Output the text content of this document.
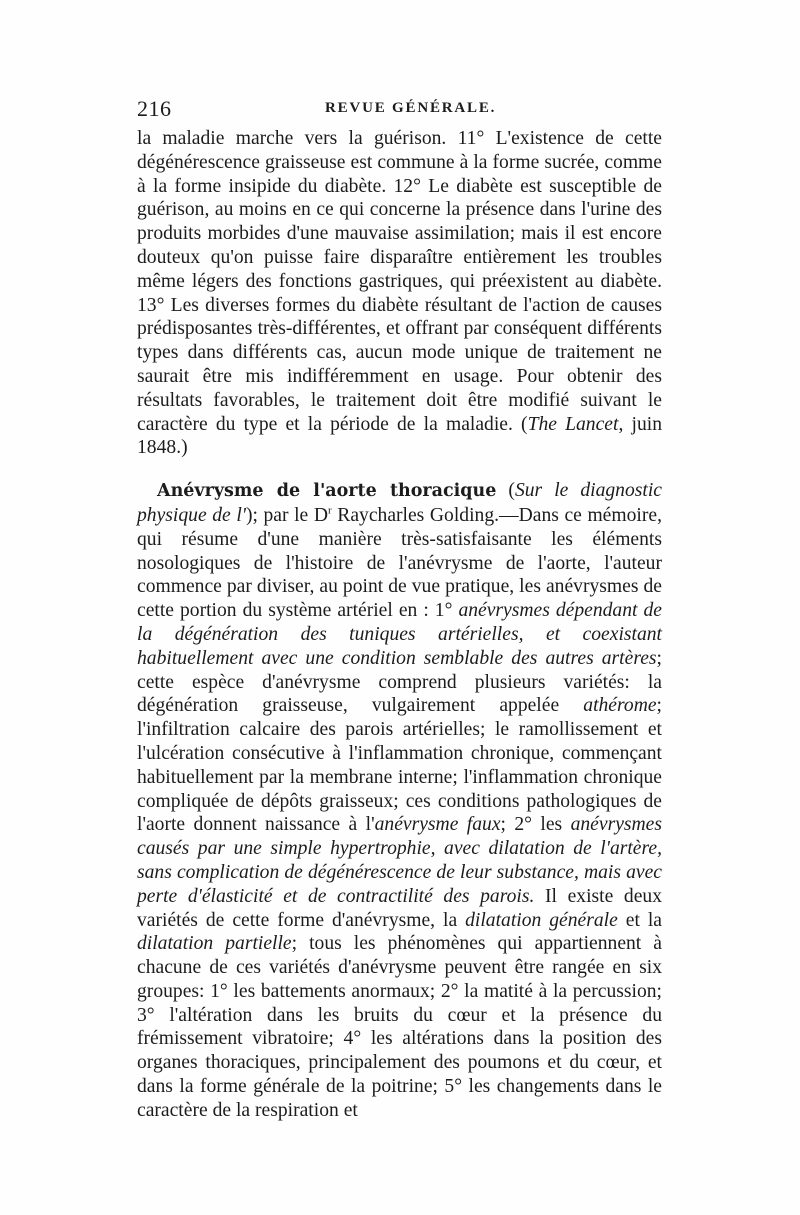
216	REVUE GÉNÉRALE.

la maladie marche vers la guérison. 11° L'existence de cette dégénérescence graisseuse est commune à la forme sucrée, comme à la forme insipide du diabète. 12° Le diabète est susceptible de guérison, au moins en ce qui concerne la présence dans l'urine des produits morbides d'une mauvaise assimilation; mais il est encore douteux qu'on puisse faire disparaître entièrement les troubles même légers des fonctions gastriques, qui préexistent au diabète. 13° Les diverses formes du diabète résultant de l'action de causes prédisposantes très-différentes, et offrant par conséquent différents types dans différents cas, aucun mode unique de traitement ne saurait être mis indifféremment en usage. Pour obtenir des résultats favorables, le traitement doit être modifié suivant le caractère du type et la période de la maladie. (The Lancet, juin 1848.)

Anévrysme de l'aorte thoracique (Sur le diagnostic physique de l'); par le $D^r$ Raycharles Golding.—Dans ce mémoire, qui résume d'une manière très-satisfaisante les éléments nosologiques de l'histoire de l'anévrysme de l'aorte, l'auteur commence par diviser, au point de vue pratique, les anévrysmes de cette portion du système artériel en : 1° anévrysmes dépendant de la dégénération des tuniques artérielles, et coexistant habituellement avec une condition semblable des autres artères; cette espèce d'anévrysme comprend plusieurs variétés: la dégénération graisseuse, vulgairement appelée athérome; l'infiltration calcaire des parois artérielles; le ramollissement et l'ulcération consécutive à l'inflammation chronique, commençant habituellement par la membrane interne; l'inflammation chronique compliquée de dépôts graisseux; ces conditions pathologiques de l'aorte donnent naissance à l'anévrysme faux; 2° les anévrysmes causés par une simple hypertrophie, avec dilatation de l'artère, sans complication de dégénérescence de leur substance, mais avec perte d'élasticité et de contractilité des parois. Il existe deux variétés de cette forme d'anévrysme, la dilatation générale et la dilatation partielle; tous les phénomènes qui appartiennent à chacune de ces variétés d'anévrysme peuvent être rangée en six groupes: 1° les battements anormaux; 2° la matité à la percussion; 3° l'altération dans les bruits du cœur et la présence du frémissement vibratoire; 4° les altérations dans la position des organes thoraciques, principalement des poumons et du cœur, et dans la forme générale de la poitrine; 5° les changements dans le caractère de la respiration et
